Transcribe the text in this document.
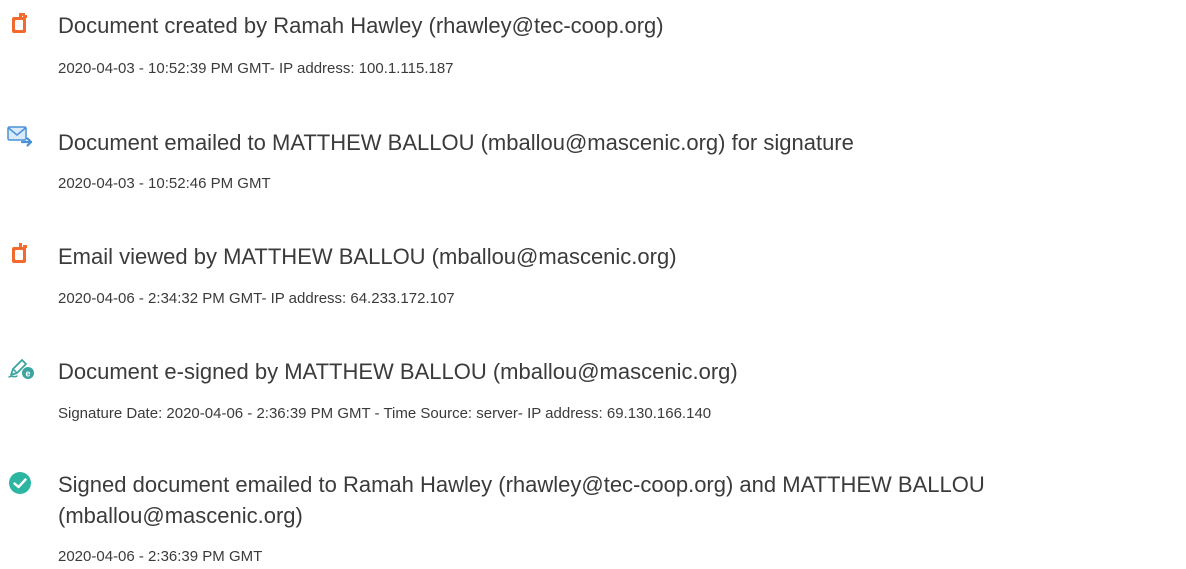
Document created by Ramah Hawley (rhawley@tec-coop.org)

2020-04-03 - 10:52:39 PM GMT- IP address: 100.1.115.187

Document emailed to MATTHEW BALLOU (mballou@mascenic.org) for signature

2020-04-03 - 10:52:46 PM GMT

Email viewed by MATTHEW BALLOU (mballou@mascenic.org)

2020-04-06 - 2:34:32 PM GMT- IP address: 64.233.172.107

e Document e-signed by MATTHEW BALLOU (mballou@mascenic.org)

Signature Date: 2020-04-06 - 2:36:39 PM GMT - Time Source: server- IP address: 69.130.166.140

Signed document emailed to Ramah Hawley (rhawley@tec-coop.org) and MATTHEW BALLOU (mballou@mascenic.org)

2020-04-06 - 2:36:39 PM GMT
